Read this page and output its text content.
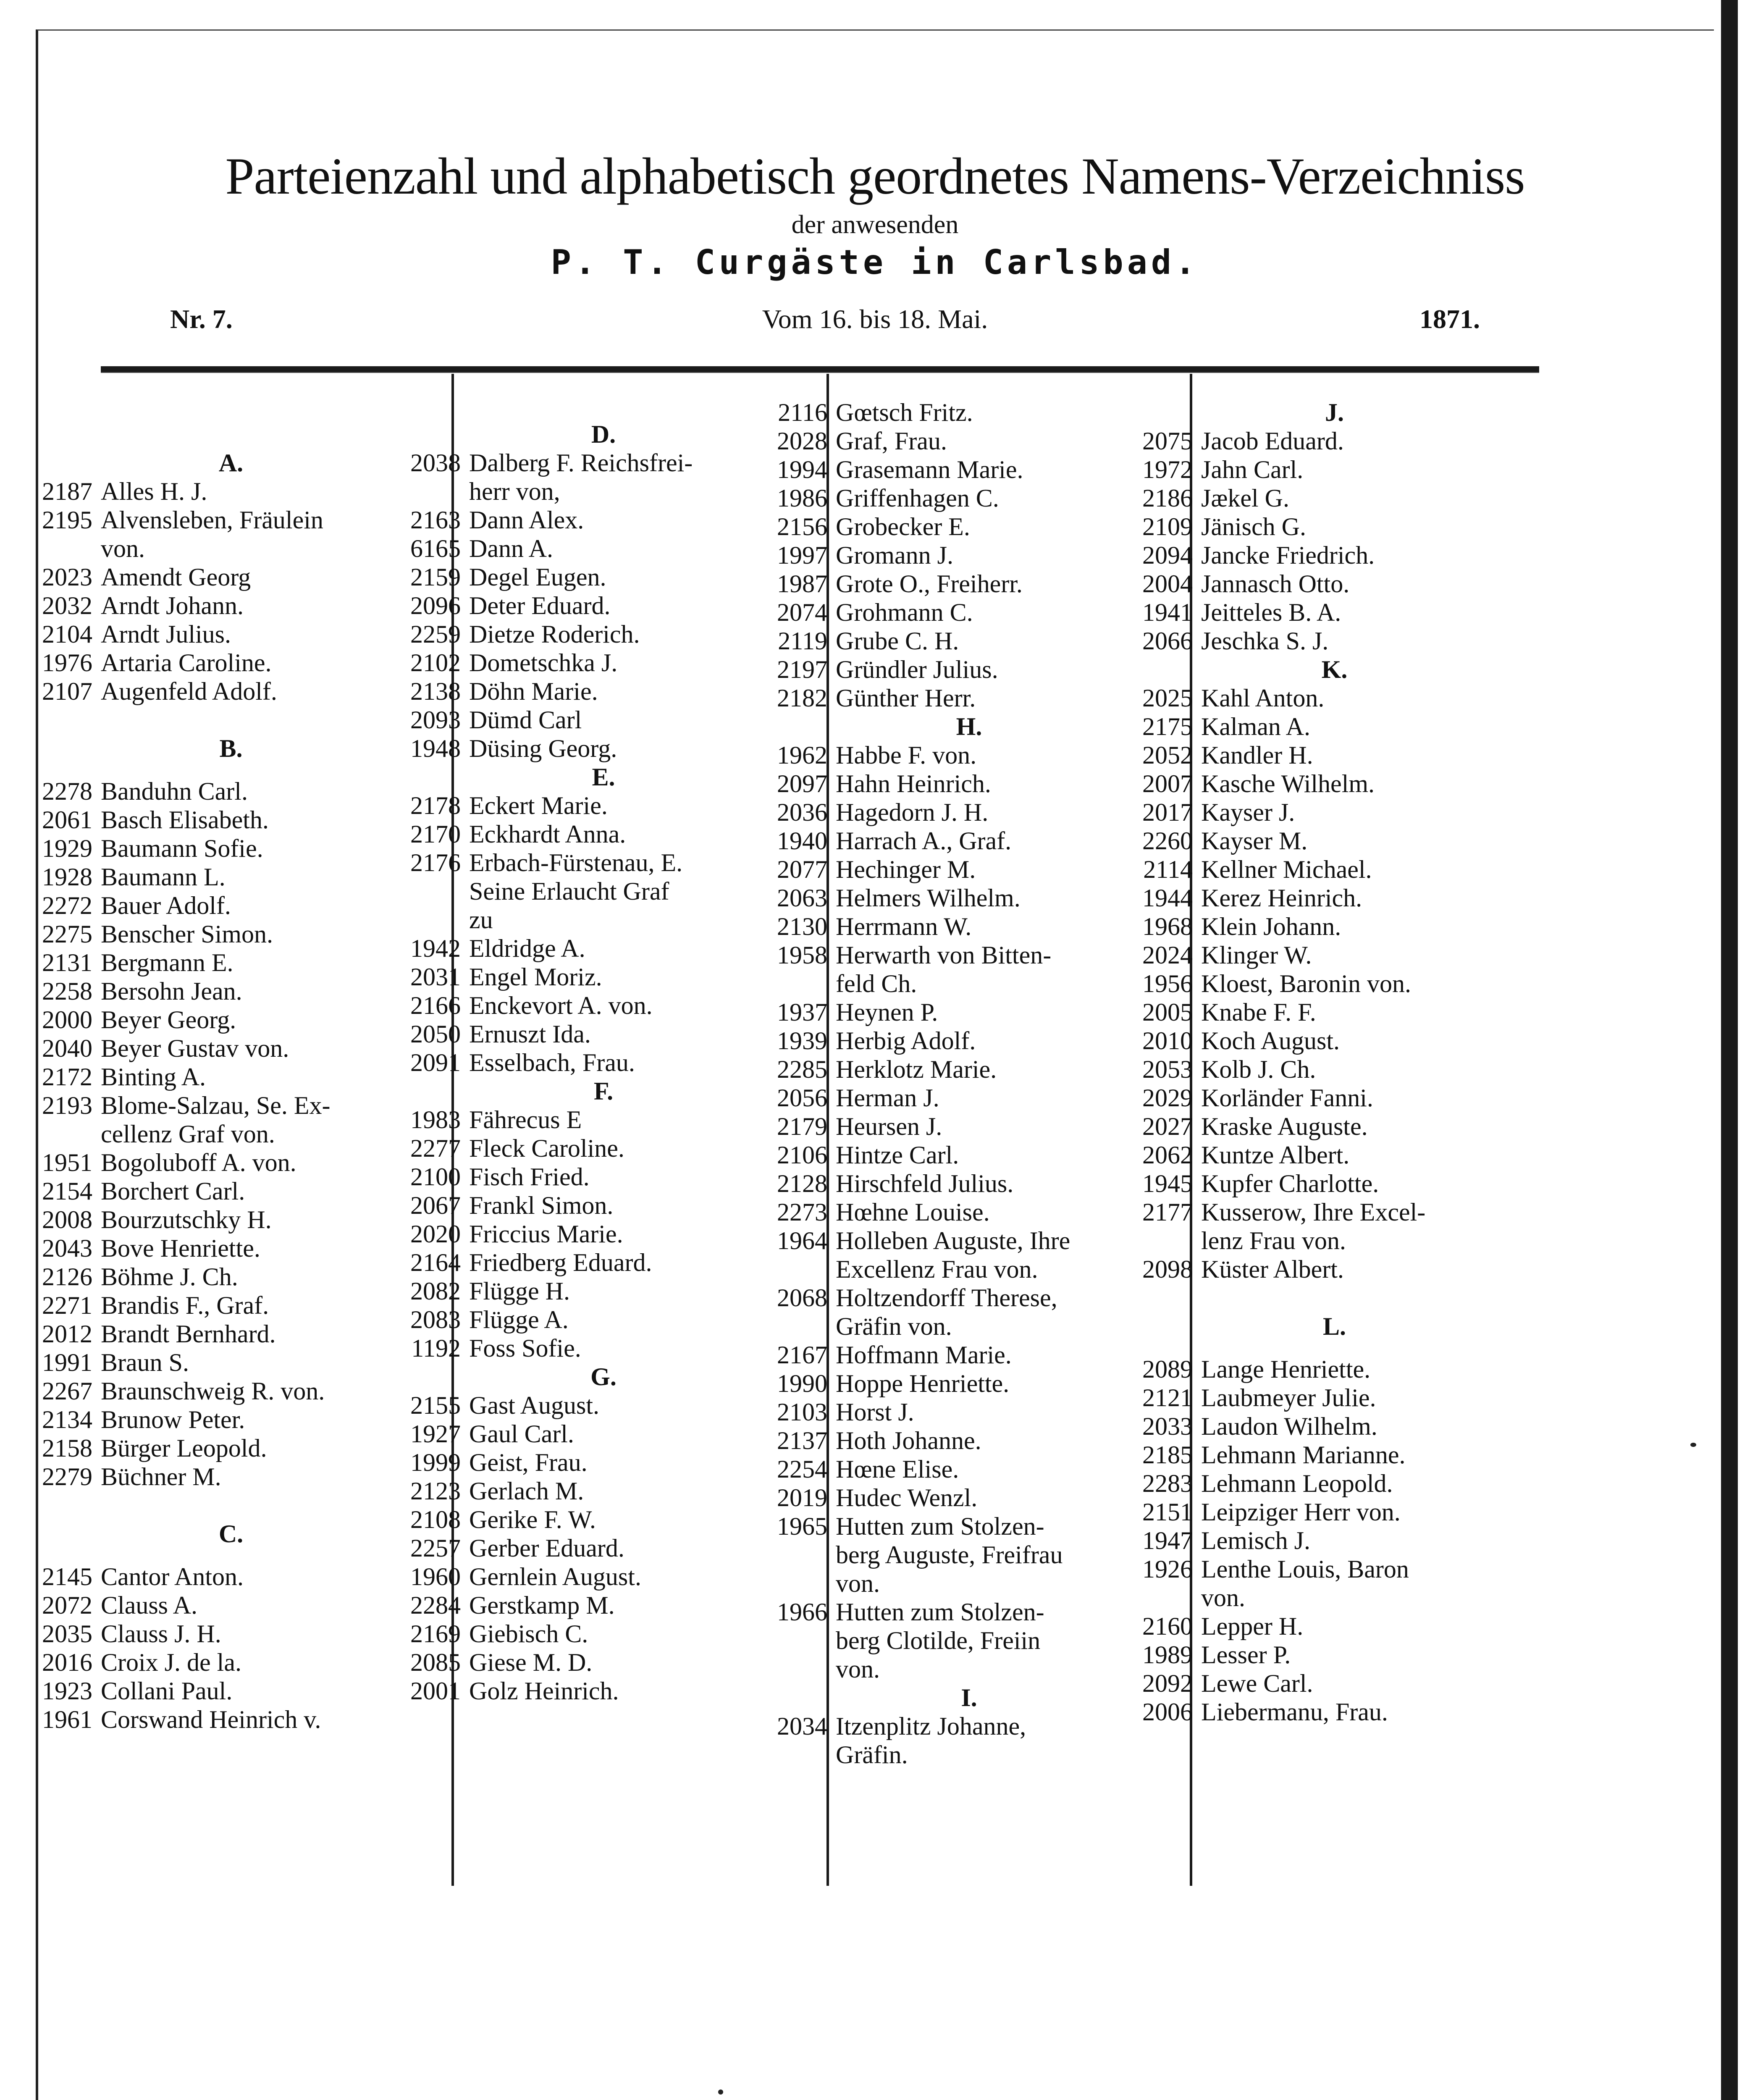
Parteienzahl und alphabetisch geordnetes Namens-Verzeichniss
der anwesenden
P. T. Curgäste in Carlsbad.
Nr. 7.	Vom 16. bis 18. Mai.	1871.
A.
2187 Alles H. J.
2195 Alvensleben, Fräulein
von.
2023 Amendt Georg
2032 Arndt Johann.
2104 Arndt Julius.
1976 Artaria Caroline.
2107 Augenfeld Adolf.
B.
2278 Banduhn Carl.
2061 Basch Elisabeth.
1929 Baumann Sofie.
1928 Baumann L.
2272 Bauer Adolf.
2275 Benscher Simon.
2131 Bergmann E.
2258 Bersohn Jean.
2000 Beyer Georg.
2040 Beyer Gustav von.
2172 Binting A.
2193 Blome-Salzau, Se. Ex-
cellenz Graf von.
1951 Bogoluboff A. von.
2154 Borchert Carl.
2008 Bourzutschky H.
2043 Bove Henriette.
2126 Böhme J. Ch.
2271 Brandis F., Graf.
2012 Brandt Bernhard.
1991 Braun S.
2267 Braunschweig R. von.
2134 Brunow Peter.
2158 Bürger Leopold.
2279 Büchner M.
C.
2145 Cantor Anton.
2072 Clauss A.
2035 Clauss J. H.
2016 Croix J. de la.
1923 Collani Paul.
1961 Corswand Heinrich v.
D.
2038 Dalberg F. Reichsfrei-
herr von,
2163 Dann Alex.
6165 Dann A.
2159 Degel Eugen.
2096 Deter Eduard.
2259 Dietze Roderich.
2102 Dometschka J.
2138 Döhn Marie.
2093 Dümd Carl
1948 Düsing Georg.
E.
2178 Eckert Marie.
2170 Eckhardt Anna.
2176 Erbach-Fürstenau, E.
Seine Erlaucht Graf
zu
1942 Eldridge A.
2031 Engel Moriz.
2166 Enckevort A. von.
2050 Ernuszt Ida.
2091 Esselbach, Frau.
F.
1983 Fährecus E
2277 Fleck Caroline.
2100 Fisch Fried.
2067 Frankl Simon.
2020 Friccius Marie.
2164 Friedberg Eduard.
2082 Flügge H.
2083 Flügge A.
1192 Foss Sofie.
G.
2155 Gast August.
1927 Gaul Carl.
1999 Geist, Frau.
2123 Gerlach M.
2108 Gerike F. W.
2257 Gerber Eduard.
1960 Gernlein August.
2284 Gerstkamp M.
2169 Giebisch C.
2085 Giese M. D.
2001 Golz Heinrich.
2116 Gœtsch Fritz.
2028 Graf, Frau.
1994 Grasemann Marie.
1986 Griffenhagen C.
2156 Grobecker E.
1997 Gromann J.
1987 Grote O., Freiherr.
2074 Grohmann C.
2119 Grube C. H.
2197 Gründler Julius.
2182 Günther Herr.
H.
1962 Habbe F. von.
2097 Hahn Heinrich.
2036 Hagedorn J. H.
1940 Harrach A., Graf.
2077 Hechinger M.
2063 Helmers Wilhelm.
2130 Herrmann W.
1958 Herwarth von Bitten-
feld Ch.
1937 Heynen P.
1939 Herbig Adolf.
2285 Herklotz Marie.
2056 Herman J.
2179 Heursen J.
2106 Hintze Carl.
2128 Hirschfeld Julius.
2273 Hœhne Louise.
1964 Holleben Auguste, Ihre
Excellenz Frau von.
2068 Holtzendorff Therese,
Gräfin von.
2167 Hoffmann Marie.
1990 Hoppe Henriette.
2103 Horst J.
2137 Hoth Johanne.
2254 Hœne Elise.
2019 Hudec Wenzl.
1965 Hutten zum Stolzen-
berg Auguste, Freifrau
von.
1966 Hutten zum Stolzen-
berg Clotilde, Freiin
von.
I.
2034 Itzenplitz Johanne,
Gräfin.
J.
2075 Jacob Eduard.
1972 Jahn Carl.
2186 Jækel G.
2109 Jänisch G.
2094 Jancke Friedrich.
2004 Jannasch Otto.
1941 Jeitteles B. A.
2066 Jeschka S. J.
K.
2025 Kahl Anton.
2175 Kalman A.
2052 Kandler H.
2007 Kasche Wilhelm.
2017 Kayser J.
2260 Kayser M.
2114 Kellner Michael.
1944 Kerez Heinrich.
1968 Klein Johann.
2024 Klinger W.
1956 Kloest, Baronin von.
2005 Knabe F. F.
2010 Koch August.
2053 Kolb J. Ch.
2029 Korländer Fanni.
2027 Kraske Auguste.
2062 Kuntze Albert.
1945 Kupfer Charlotte.
2177 Kusserow, Ihre Excel-
lenz Frau von.
2098 Küster Albert.
L.
2089 Lange Henriette.
2121 Laubmeyer Julie.
2033 Laudon Wilhelm.
2185 Lehmann Marianne.
2283 Lehmann Leopold.
2151 Leipziger Herr von.
1947 Lemisch J.
1926 Lenthe Louis, Baron
von.
2160 Lepper H.
1989 Lesser P.
2092 Lewe Carl.
2006 Liebermanu, Frau.
